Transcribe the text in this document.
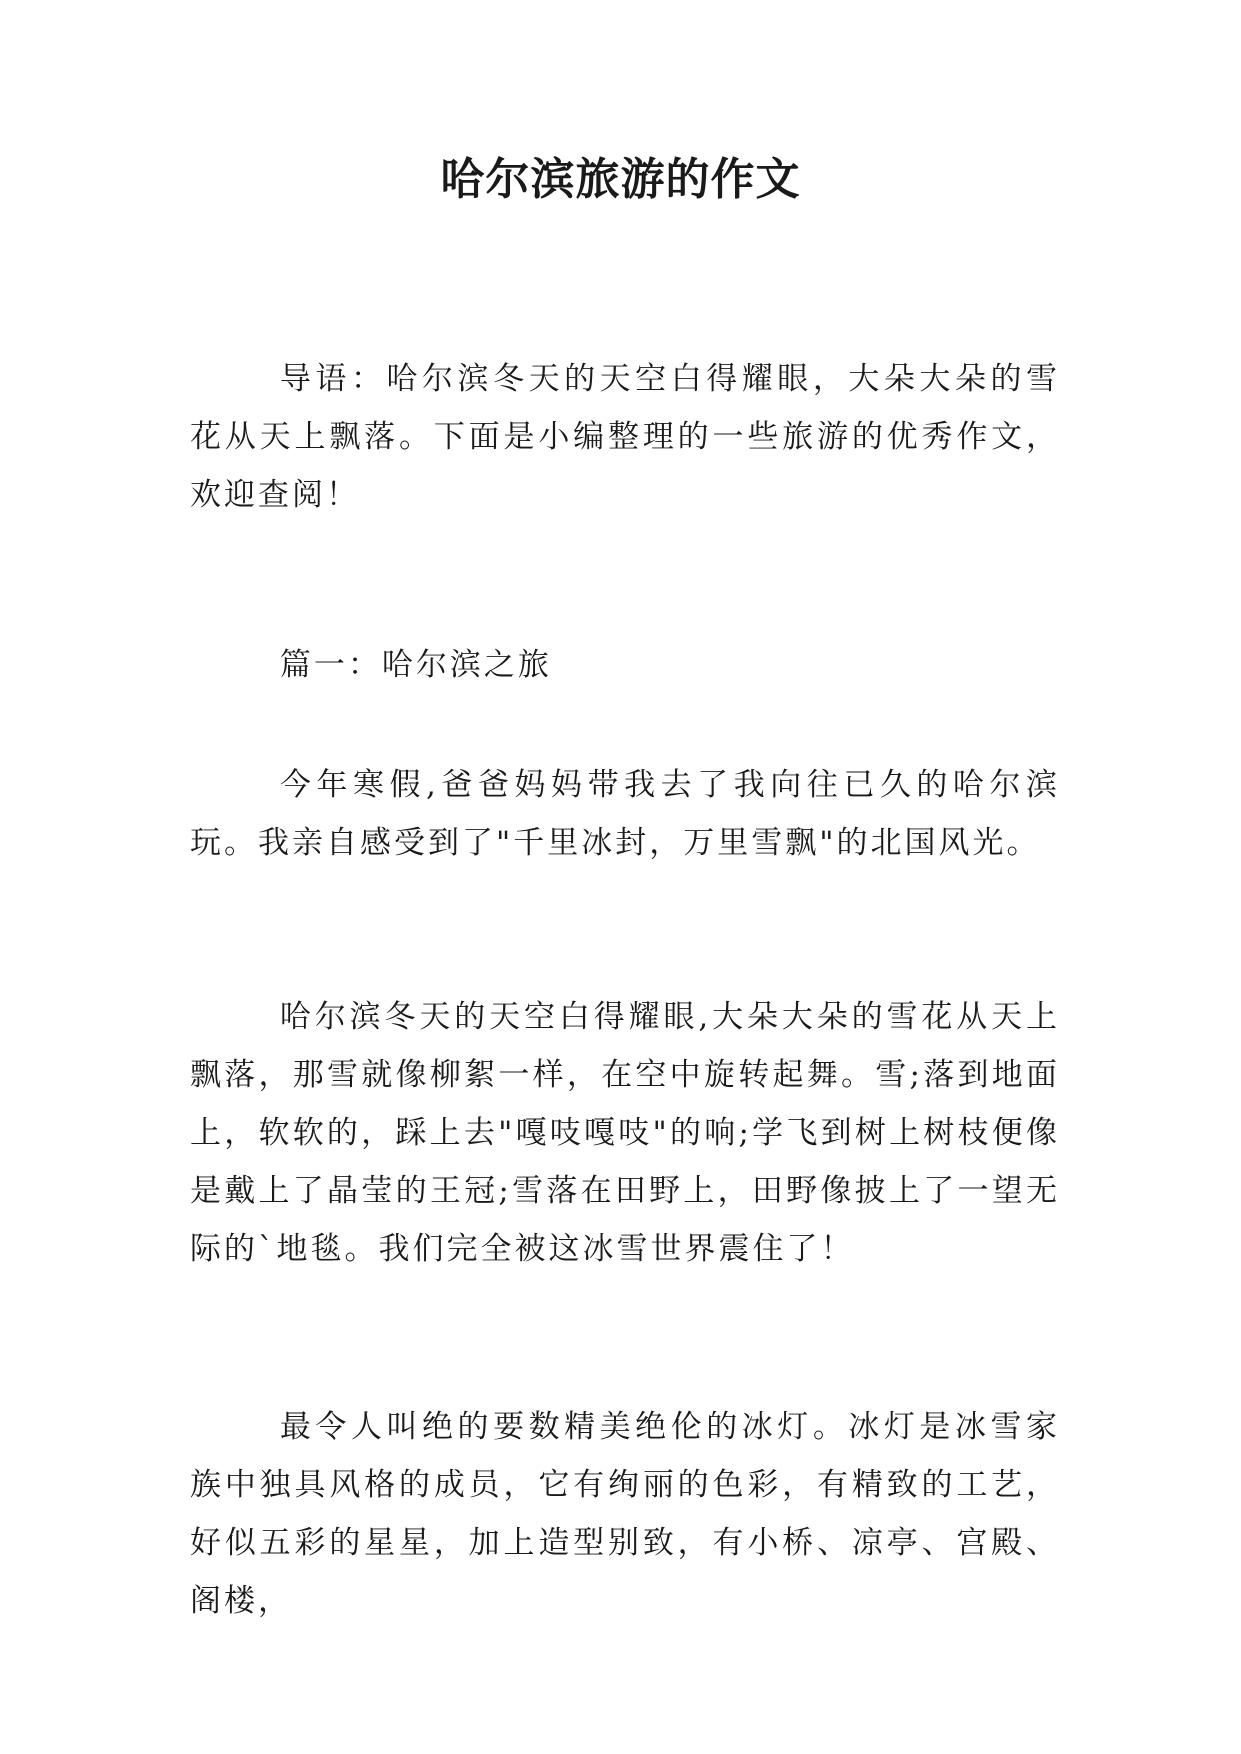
哈尔滨旅游的作文

导语：哈尔滨冬天的天空白得耀眼，大朵大朵的雪花从天上飘落。下面是小编整理的一些旅游的优秀作文，欢迎查阅！

篇一：哈尔滨之旅

今年寒假,爸爸妈妈带我去了我向往已久的哈尔滨玩。我亲自感受到了"千里冰封，万里雪飘"的北国风光。

哈尔滨冬天的天空白得耀眼,大朵大朵的雪花从天上飘落，那雪就像柳絮一样，在空中旋转起舞。雪;落到地面上，软软的，踩上去"嘎吱嘎吱"的响;学飞到树上树枝便像是戴上了晶莹的王冠;雪落在田野上，田野像披上了一望无际的`地毯。我们完全被这冰雪世界震住了！

最令人叫绝的要数精美绝伦的冰灯。冰灯是冰雪家族中独具风格的成员，它有绚丽的色彩，有精致的工艺，好似五彩的星星，加上造型别致，有小桥、凉亭、宫殿、阁楼，
